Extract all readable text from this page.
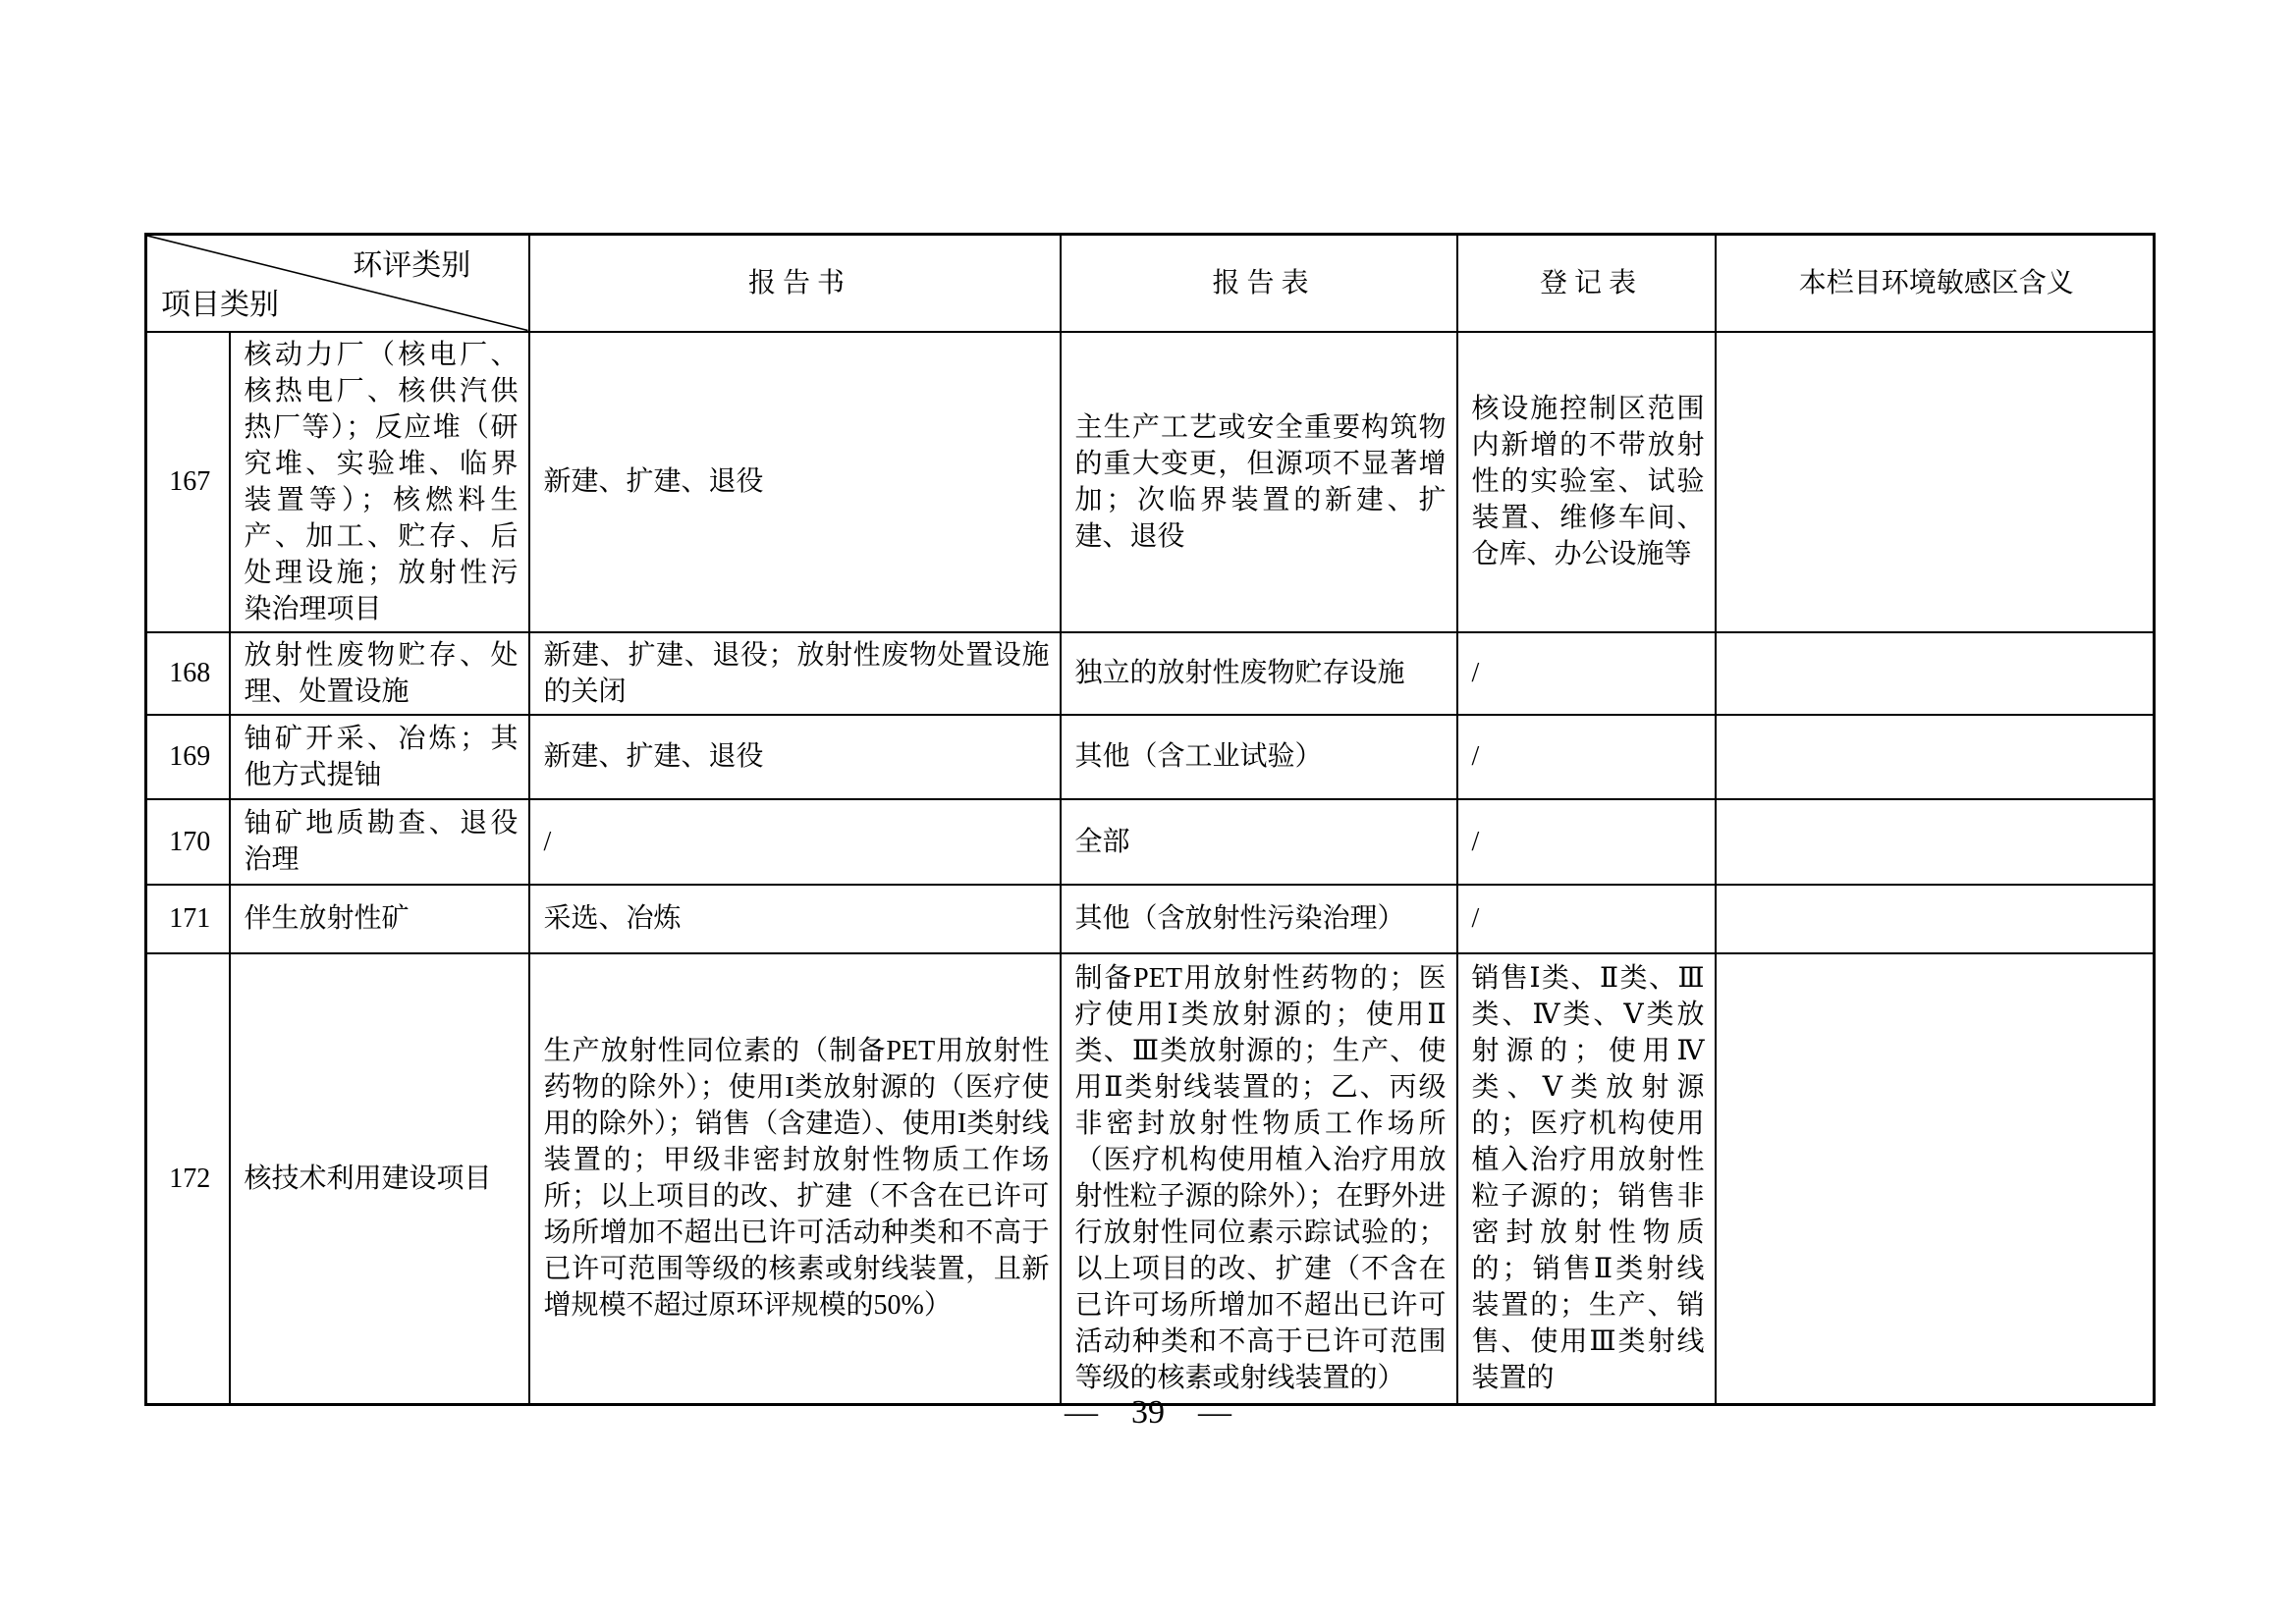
环评类别
项目类别		报 告 书	报 告 表	登 记 表	本栏目环境敏感区含义
167	核动力厂（核电厂、核热电厂、核供汽供热厂等）；反应堆（研究堆、实验堆、临界装置等）；核燃料生产、加工、贮存、后处理设施；放射性污染治理项目	新建、扩建、退役	主生产工艺或安全重要构筑物的重大变更，但源项不显著增加；次临界装置的新建、扩建、退役	核设施控制区范围内新增的不带放射性的实验室、试验装置、维修车间、仓库、办公设施等	
168	放射性废物贮存、处理、处置设施	新建、扩建、退役；放射性废物处置设施的关闭	独立的放射性废物贮存设施	/	
169	铀矿开采、冶炼；其他方式提铀	新建、扩建、退役	其他（含工业试验）	/	
170	铀矿地质勘查、退役治理	/	全部	/	
171	伴生放射性矿	采选、冶炼	其他（含放射性污染治理）	/	
172	核技术利用建设项目	生产放射性同位素的（制备PET用放射性药物的除外）；使用I类放射源的（医疗使用的除外）；销售（含建造）、使用I类射线装置的；甲级非密封放射性物质工作场所；以上项目的改、扩建（不含在已许可场所增加不超出已许可活动种类和不高于已许可范围等级的核素或射线装置，且新增规模不超过原环评规模的50%）	制备PET用放射性药物的；医疗使用Ⅰ类放射源的；使用Ⅱ类、Ⅲ类放射源的；生产、使用Ⅱ类射线装置的；乙、丙级非密封放射性物质工作场所（医疗机构使用植入治疗用放射性粒子源的除外）；在野外进行放射性同位素示踪试验的；以上项目的改、扩建（不含在已许可场所增加不超出已许可活动种类和不高于已许可范围等级的核素或射线装置的）	销售Ⅰ类、Ⅱ类、Ⅲ类、Ⅳ类、Ⅴ类放射源的；使用Ⅳ类、Ⅴ类放射源的；医疗机构使用植入治疗用放射性粒子源的；销售非密封放射性物质的；销售Ⅱ类射线装置的；生产、销售、使用Ⅲ类射线装置的	
— 39 —
